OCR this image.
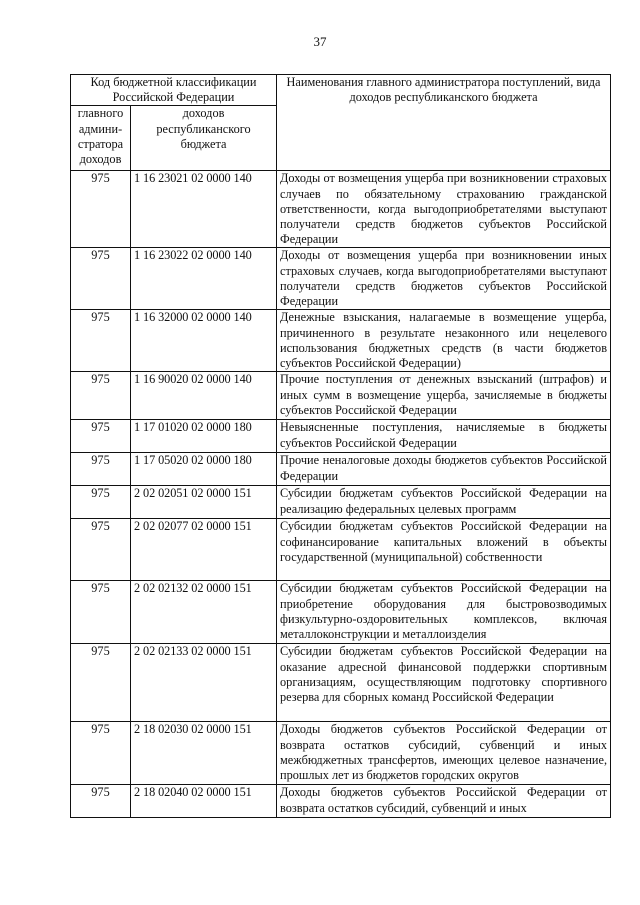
37
Код бюджетной классификации Российской Федерации		Наименования главного администратора поступлений, вида доходов республиканского бюджета
главного админи-стратора доходов	доходов республиканского бюджета	
975	1 16 23021 02 0000 140	Доходы от возмещения ущерба при возникновении страховых случаев по обязательному страхованию гражданской ответственности, когда выгодоприобретателями выступают получатели средств бюджетов субъектов Российской Федерации
975	1 16 23022 02 0000 140	Доходы от возмещения ущерба при возникновении иных страховых случаев, когда выгодоприобретателями выступают получатели средств бюджетов субъектов Российской Федерации
975	1 16 32000 02 0000 140	Денежные взыскания, налагаемые в возмещение ущерба, причиненного в результате незаконного или нецелевого использования бюджетных средств (в части бюджетов субъектов Российской Федерации)
975	1 16 90020 02 0000 140	Прочие поступления от денежных взысканий (штрафов) и иных сумм в возмещение ущерба, зачисляемые в бюджеты субъектов Российской Федерации
975	1 17 01020 02 0000 180	Невыясненные поступления, начисляемые в бюджеты субъектов Российской Федерации
975	1 17 05020 02 0000 180	Прочие неналоговые доходы бюджетов субъектов Российской Федерации
975	2 02 02051 02 0000 151	Субсидии бюджетам субъектов Российской Федерации на реализацию федеральных целевых программ
975	2 02 02077 02 0000 151	Субсидии бюджетам субъектов Российской Федерации на софинансирование капитальных вложений в объекты государственной (муниципальной) собственности
975	2 02 02132 02 0000 151	Субсидии бюджетам субъектов Российской Федерации на приобретение оборудования для быстровозводимых физкультурно-оздоровительных комплексов, включая металлоконструкции и металлоизделия
975	2 02 02133 02 0000 151	Субсидии бюджетам субъектов Российской Федерации на оказание адресной финансовой поддержки спортивным организациям, осуществляющим подготовку спортивного резерва для сборных команд Российской Федерации
975	2 18 02030 02 0000 151	Доходы бюджетов субъектов Российской Федерации от возврата остатков субсидий, субвенций и иных межбюджетных трансфертов, имеющих целевое назначение, прошлых лет из бюджетов городских округов
975	2 18 02040 02 0000 151	Доходы бюджетов субъектов Российской Федерации от возврата остатков субсидий, субвенций и иных
